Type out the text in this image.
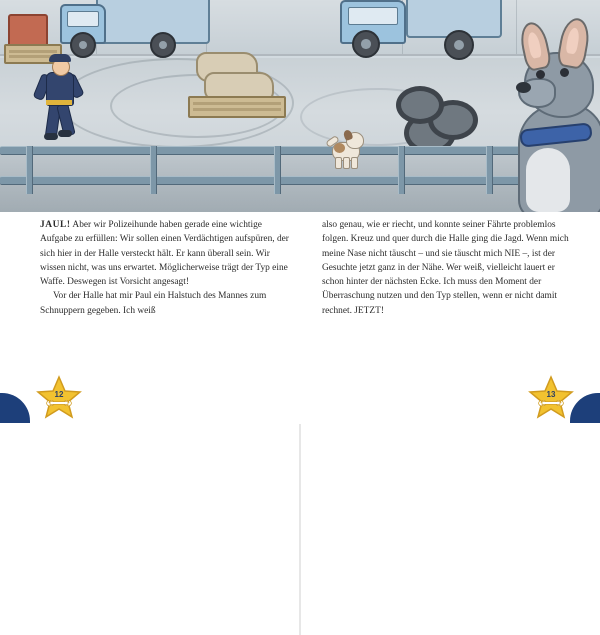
JAUL! Aber wir Polizeihunde haben gerade eine wichtige Aufgabe zu erfüllen: Wir sollen einen Verdächtigen aufspüren, der sich hier in der Halle versteckt hält. Er kann überall sein. Wir wissen nicht, was uns erwartet. Möglicherweise trägt der Typ eine Waffe. Deswegen ist Vorsicht angesagt!

Vor der Halle hat mir Paul ein Halstuch des Mannes zum Schnuppern gegeben. Ich weiß

also genau, wie er riecht, und konnte seiner Fährte problemlos folgen. Kreuz und quer durch die Halle ging die Jagd. Wenn mich meine Nase nicht täuscht – und sie täuscht mich NIE –, ist der Gesuchte jetzt ganz in der Nähe. Wer weiß, vielleicht lauert er schon hinter der nächsten Ecke. Ich muss den Moment der Überraschung nutzen und den Typ stellen, wenn er nicht damit rechnet. JETZT!

12	13
